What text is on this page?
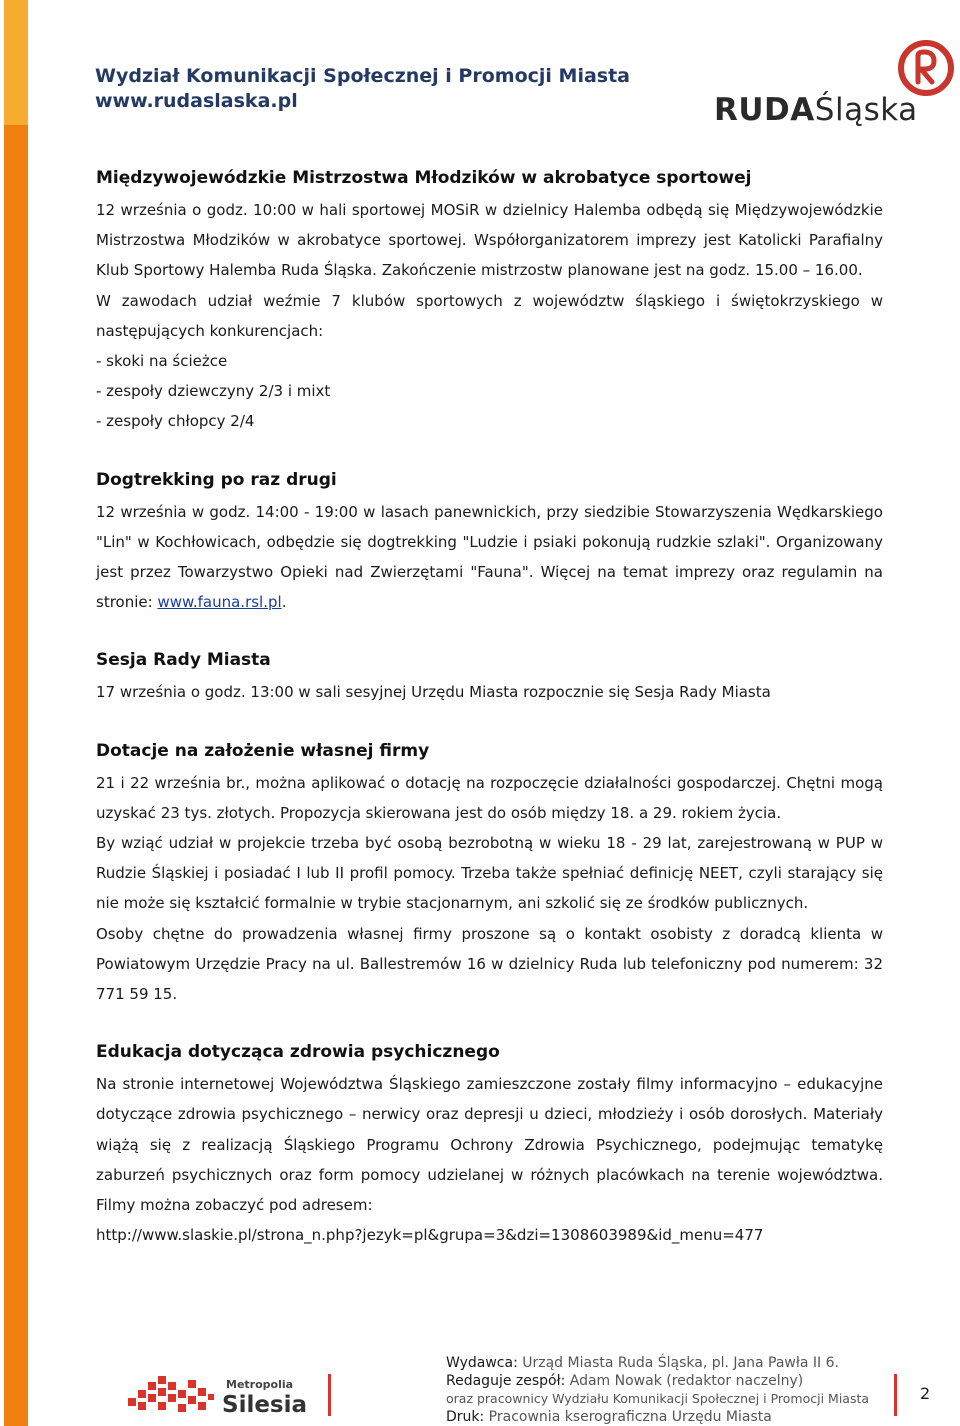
Wydział Komunikacji Społecznej i Promocji Miasta
www.rudaslaska.pl	RUDAŚląska
Międzywojewódzkie Mistrzostwa Młodzików w akrobatyce sportowej

12 września o godz. 10:00 w hali sportowej MOSiR w dzielnicy Halemba odbędą się Międzywojewódzkie Mistrzostwa Młodzików w akrobatyce sportowej. Współorganizatorem imprezy jest Katolicki Parafialny Klub Sportowy Halemba Ruda Śląska. Zakończenie mistrzostw planowane jest na godz. 15.00 – 16.00.

W zawodach udział weźmie 7 klubów sportowych z województw śląskiego i świętokrzyskiego w następujących konkurencjach:

- skoki na ścieżce

- zespoły dziewczyny 2/3 i mixt

- zespoły chłopcy 2/4

Dogtrekking po raz drugi

12 września w godz. 14:00 - 19:00 w lasach panewnickich, przy siedzibie Stowarzyszenia Wędkarskiego "Lin" w Kochłowicach, odbędzie się dogtrekking "Ludzie i psiaki pokonują rudzkie szlaki". Organizowany jest przez Towarzystwo Opieki nad Zwierzętami "Fauna". Więcej na temat imprezy oraz regulamin na stronie: www.fauna.rsl.pl.

Sesja Rady Miasta

17 września o godz. 13:00 w sali sesyjnej Urzędu Miasta rozpocznie się Sesja Rady Miasta

Dotacje na założenie własnej firmy

21 i 22 września br., można aplikować o dotację na rozpoczęcie działalności gospodarczej. Chętni mogą uzyskać 23 tys. złotych. Propozycja skierowana jest do osób między 18. a 29. rokiem życia.

By wziąć udział w projekcie trzeba być osobą bezrobotną w wieku 18 - 29 lat, zarejestrowaną w PUP w Rudzie Śląskiej i posiadać I lub II profil pomocy. Trzeba także spełniać definicję NEET, czyli starający się nie może się kształcić formalnie w trybie stacjonarnym, ani szkolić się ze środków publicznych.

Osoby chętne do prowadzenia własnej firmy proszone są o kontakt osobisty z doradcą klienta w Powiatowym Urzędzie Pracy na ul. Ballestremów 16 w dzielnicy Ruda lub telefoniczny pod numerem: 32 771 59 15.

Edukacja dotycząca zdrowia psychicznego

Na stronie internetowej Województwa Śląskiego zamieszczone zostały filmy informacyjno – edukacyjne dotyczące zdrowia psychicznego – nerwicy oraz depresji u dzieci, młodzieży i osób dorosłych. Materiały wiążą się z realizacją Śląskiego Programu Ochrony Zdrowia Psychicznego, podejmując tematykę zaburzeń psychicznych oraz form pomocy udzielanej w różnych placówkach na terenie województwa. Filmy można zobaczyć pod adresem:

http://www.slaskie.pl/strona_n.php?jezyk=pl&grupa=3&dzi=1308603989&id_menu=477

Metropolia
Silesia
Wydawca: Urząd Miasta Ruda Śląska, pl. Jana Pawła II 6.
Redaguje zespół: Adam Nowak (redaktor naczelny)
oraz pracownicy Wydziału Komunikacji Społecznej i Promocji Miasta
Druk: Pracownia kserograficzna Urzędu Miasta
2
